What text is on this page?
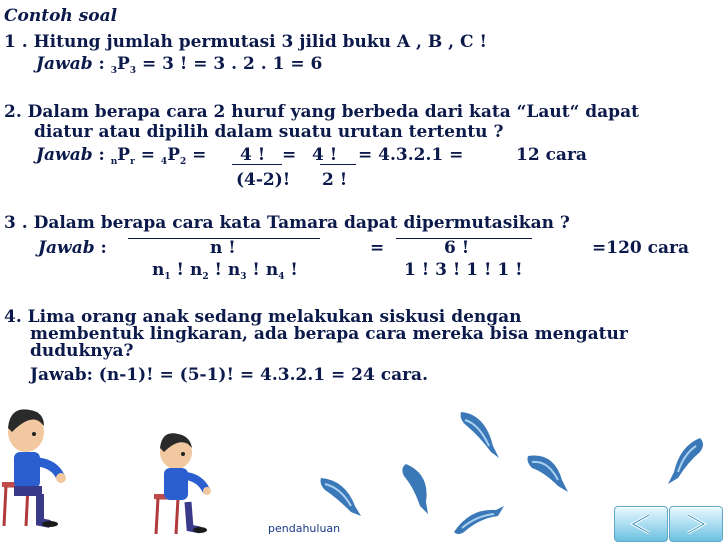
Contoh soal
1 . Hitung jumlah permutasi 3 jilid buku A , B , C !
Jawab : $_3P_3 = 3$ ! = 3 . 2 . 1 = 6
2. Dalam berapa cara 2 huruf yang berbeda dari kata “Laut“ dapat
diatur atau dipilih dalam suatu urutan tertentu ?
Jawab : $_nP_r = _4P_2 = 4$ ! = 4 ! = 4.3.2.1 =	12 cara
(4-2)! 2 !
3 . Dalam berapa cara kata Tamara dapat dipermutasikan ?
Jawab :	n !	=	6 !	=120 cara
$n_1$ ! $n_2$ ! $n_3$ ! $n_4$ !	1 ! 3 ! 1 ! 1 !
4. Lima orang anak sedang melakukan siskusi dengan
membentuk lingkaran, ada berapa cara mereka bisa mengatur
duduknya?
Jawab: (n-1)! = (5-1)! = 4.3.2.1 = 24 cara.
pendahuluan
